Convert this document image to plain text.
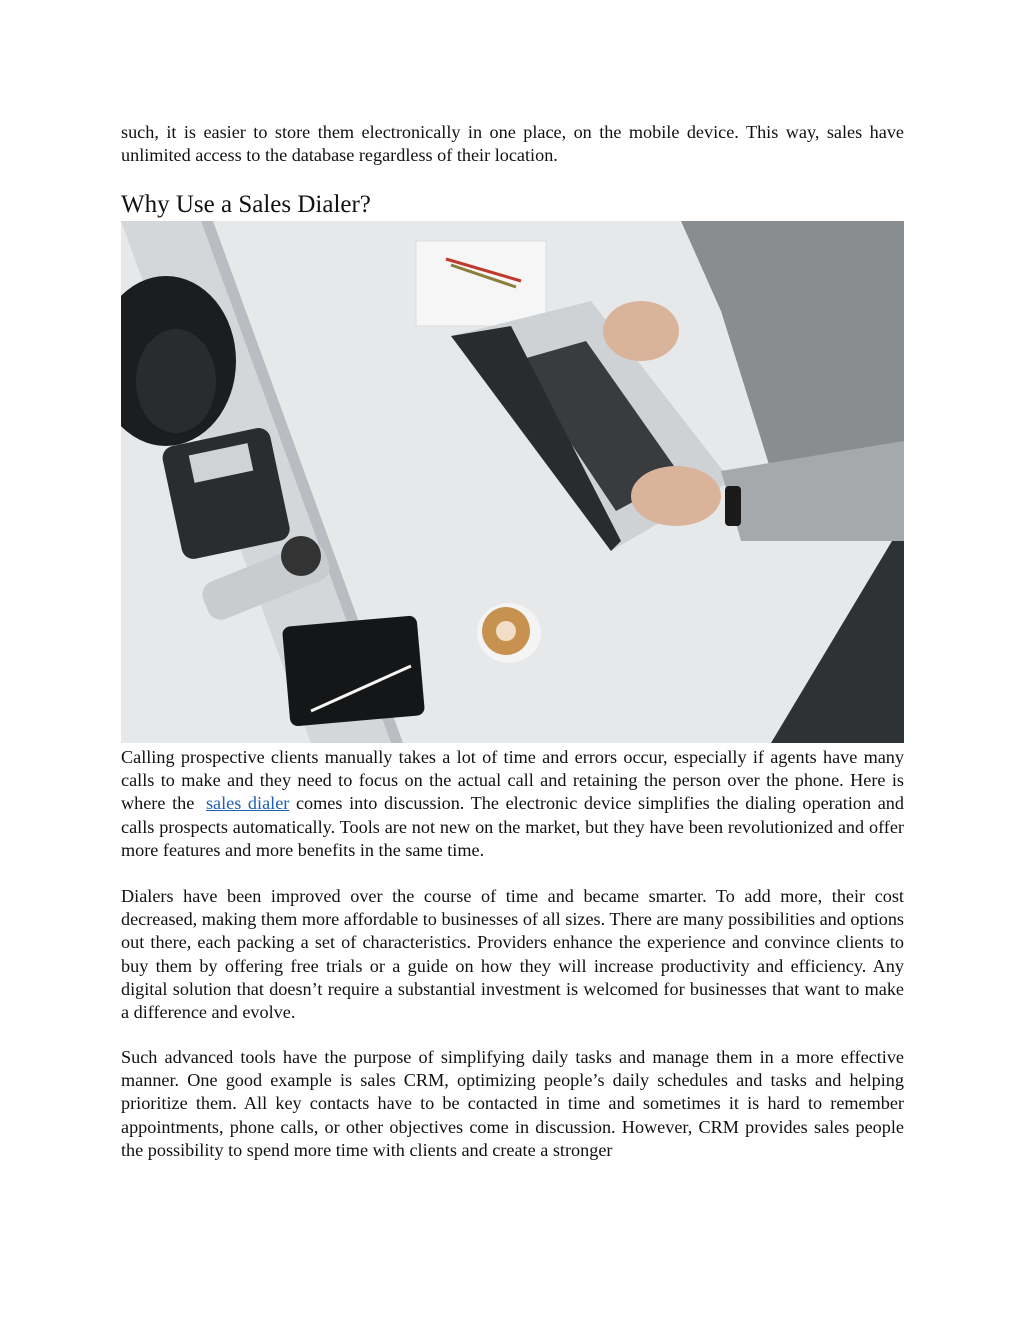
such, it is easier to store them electronically in one place, on the mobile device. This way, sales have unlimited access to the database regardless of their location.

Why Use a Sales Dialer?

Calling prospective clients manually takes a lot of time and errors occur, especially if agents have many calls to make and they need to focus on the actual call and retaining the person over the phone. Here is where the sales dialer comes into discussion. The electronic device simplifies the dialing operation and calls prospects automatically. Tools are not new on the market, but they have been revolutionized and offer more features and more benefits in the same time.

Dialers have been improved over the course of time and became smarter. To add more, their cost decreased, making them more affordable to businesses of all sizes. There are many possibilities and options out there, each packing a set of characteristics. Providers enhance the experience and convince clients to buy them by offering free trials or a guide on how they will increase productivity and efficiency. Any digital solution that doesn’t require a substantial investment is welcomed for businesses that want to make a difference and evolve.

Such advanced tools have the purpose of simplifying daily tasks and manage them in a more effective manner. One good example is sales CRM, optimizing people’s daily schedules and tasks and helping prioritize them. All key contacts have to be contacted in time and sometimes it is hard to remember appointments, phone calls, or other objectives come in discussion. However, CRM provides sales people the possibility to spend more time with clients and create a stronger
